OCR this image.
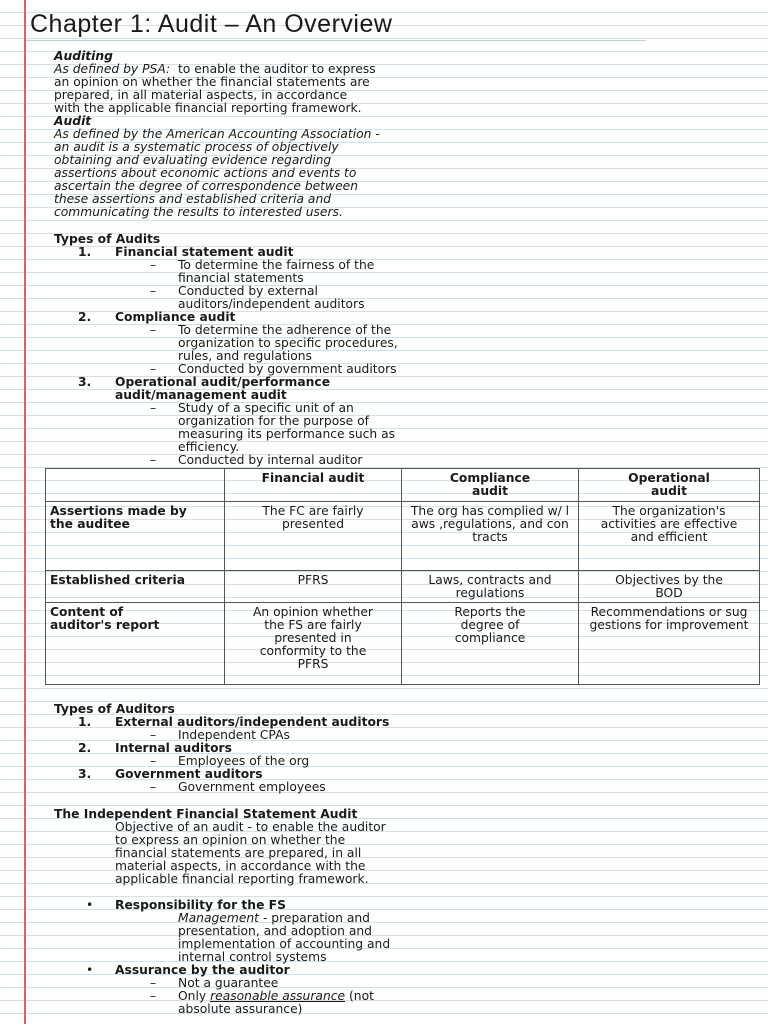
Chapter 1: Audit – An Overview
Auditing
As defined by PSA: to enable the auditor to express
an opinion on whether the financial statements are
prepared, in all material aspects, in accordance
with the applicable financial reporting framework.
Audit
As defined by the American Accounting Association -
an audit is a systematic process of objectively
obtaining and evaluating evidence regarding
assertions about economic actions and events to
ascertain the degree of correspondence between
these assertions and established criteria and
communicating the results to interested users.
Types of Audits
1. Financial statement audit
– To determine the fairness of the
financial statements
– Conducted by external
auditors/independent auditors
2. Compliance audit
– To determine the adherence of the
organization to specific procedures,
rules, and regulations
– Conducted by government auditors
3. Operational audit/performance
audit/management audit
– Study of a specific unit of an
organization for the purpose of
measuring its performance such as
efficiency.
– Conducted by internal auditor
	Financial audit	Compliance audit	Operational audit

Assertions made by the auditee	The FC are fairly presented	The org has complied w/ laws ,regulations, and contracts	The organization's activities are effective and efficient

Established criteria	PFRS	Laws, contracts and regulations	Objectives by the BOD

Content of auditor's report	An opinion whether the FS are fairly presented in conformity to the PFRS	Reports the degree of compliance	Recommendations or suggestions for improvement
Types of Auditors
1. External auditors/independent auditors
– Independent CPAs
2. Internal auditors
– Employees of the org
3. Government auditors
– Government employees
The Independent Financial Statement Audit
Objective of an audit - to enable the auditor
to express an opinion on whether the
financial statements are prepared, in all
material aspects, in accordance with the
applicable financial reporting framework.
• Responsibility for the FS
Management - preparation and
presentation, and adoption and
implementation of accounting and
internal control systems
• Assurance by the auditor
– Not a guarantee
– Only reasonable assurance (not
absolute assurance)
